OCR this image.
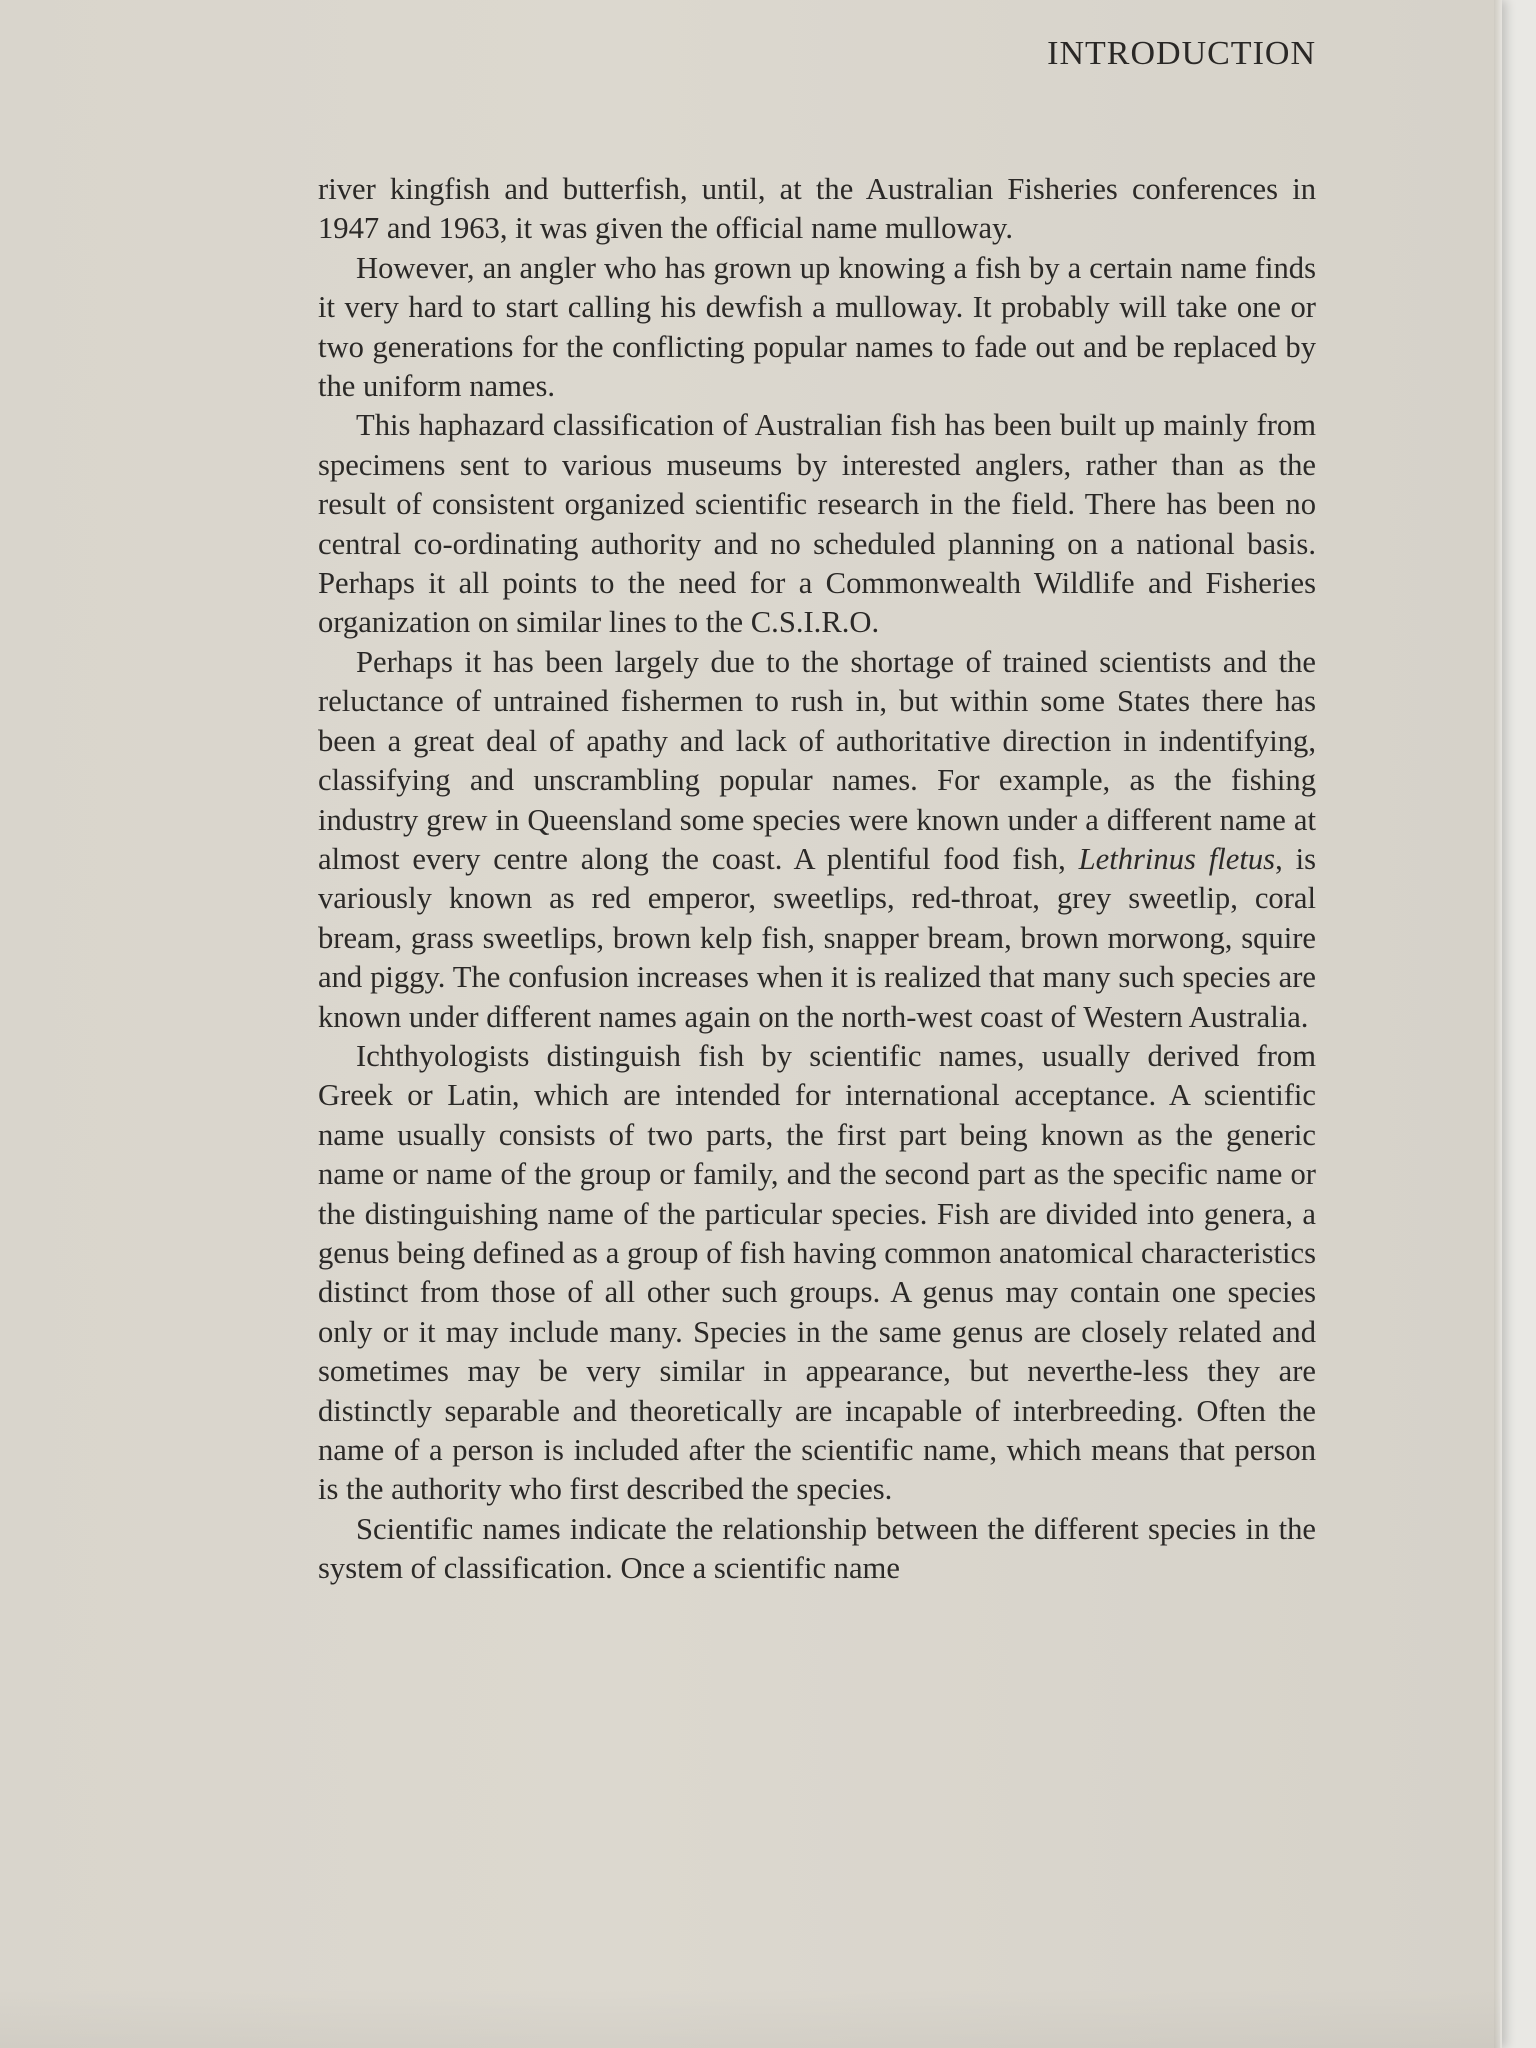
INTRODUCTION

river kingfish and butterfish, until, at the Australian Fisheries conferences in 1947 and 1963, it was given the official name mulloway.

However, an angler who has grown up knowing a fish by a certain name finds it very hard to start calling his dewfish a mulloway. It probably will take one or two generations for the conflicting popular names to fade out and be replaced by the uniform names.

This haphazard classification of Australian fish has been built up mainly from specimens sent to various museums by interested anglers, rather than as the result of consistent organized scientific research in the field. There has been no central co-ordinating authority and no scheduled planning on a national basis. Perhaps it all points to the need for a Commonwealth Wildlife and Fisheries organization on similar lines to the C.S.I.R.O.

Perhaps it has been largely due to the shortage of trained scientists and the reluctance of untrained fishermen to rush in, but within some States there has been a great deal of apathy and lack of authoritative direction in indentifying, classifying and unscrambling popular names. For example, as the fishing industry grew in Queensland some species were known under a different name at almost every centre along the coast. A plentiful food fish, Lethrinus fletus, is variously known as red emperor, sweetlips, red-throat, grey sweetlip, coral bream, grass sweetlips, brown kelp fish, snapper bream, brown morwong, squire and piggy. The confusion increases when it is realized that many such species are known under different names again on the north-west coast of Western Australia.

Ichthyologists distinguish fish by scientific names, usually derived from Greek or Latin, which are intended for international acceptance. A scientific name usually consists of two parts, the first part being known as the generic name or name of the group or family, and the second part as the specific name or the distinguishing name of the particular species. Fish are divided into genera, a genus being defined as a group of fish having common anatomical characteristics distinct from those of all other such groups. A genus may contain one species only or it may include many. Species in the same genus are closely related and sometimes may be very similar in appearance, but neverthe-less they are distinctly separable and theoretically are incapable of interbreeding. Often the name of a person is included after the scientific name, which means that person is the authority who first described the species.

Scientific names indicate the relationship between the different species in the system of classification. Once a scientific name
